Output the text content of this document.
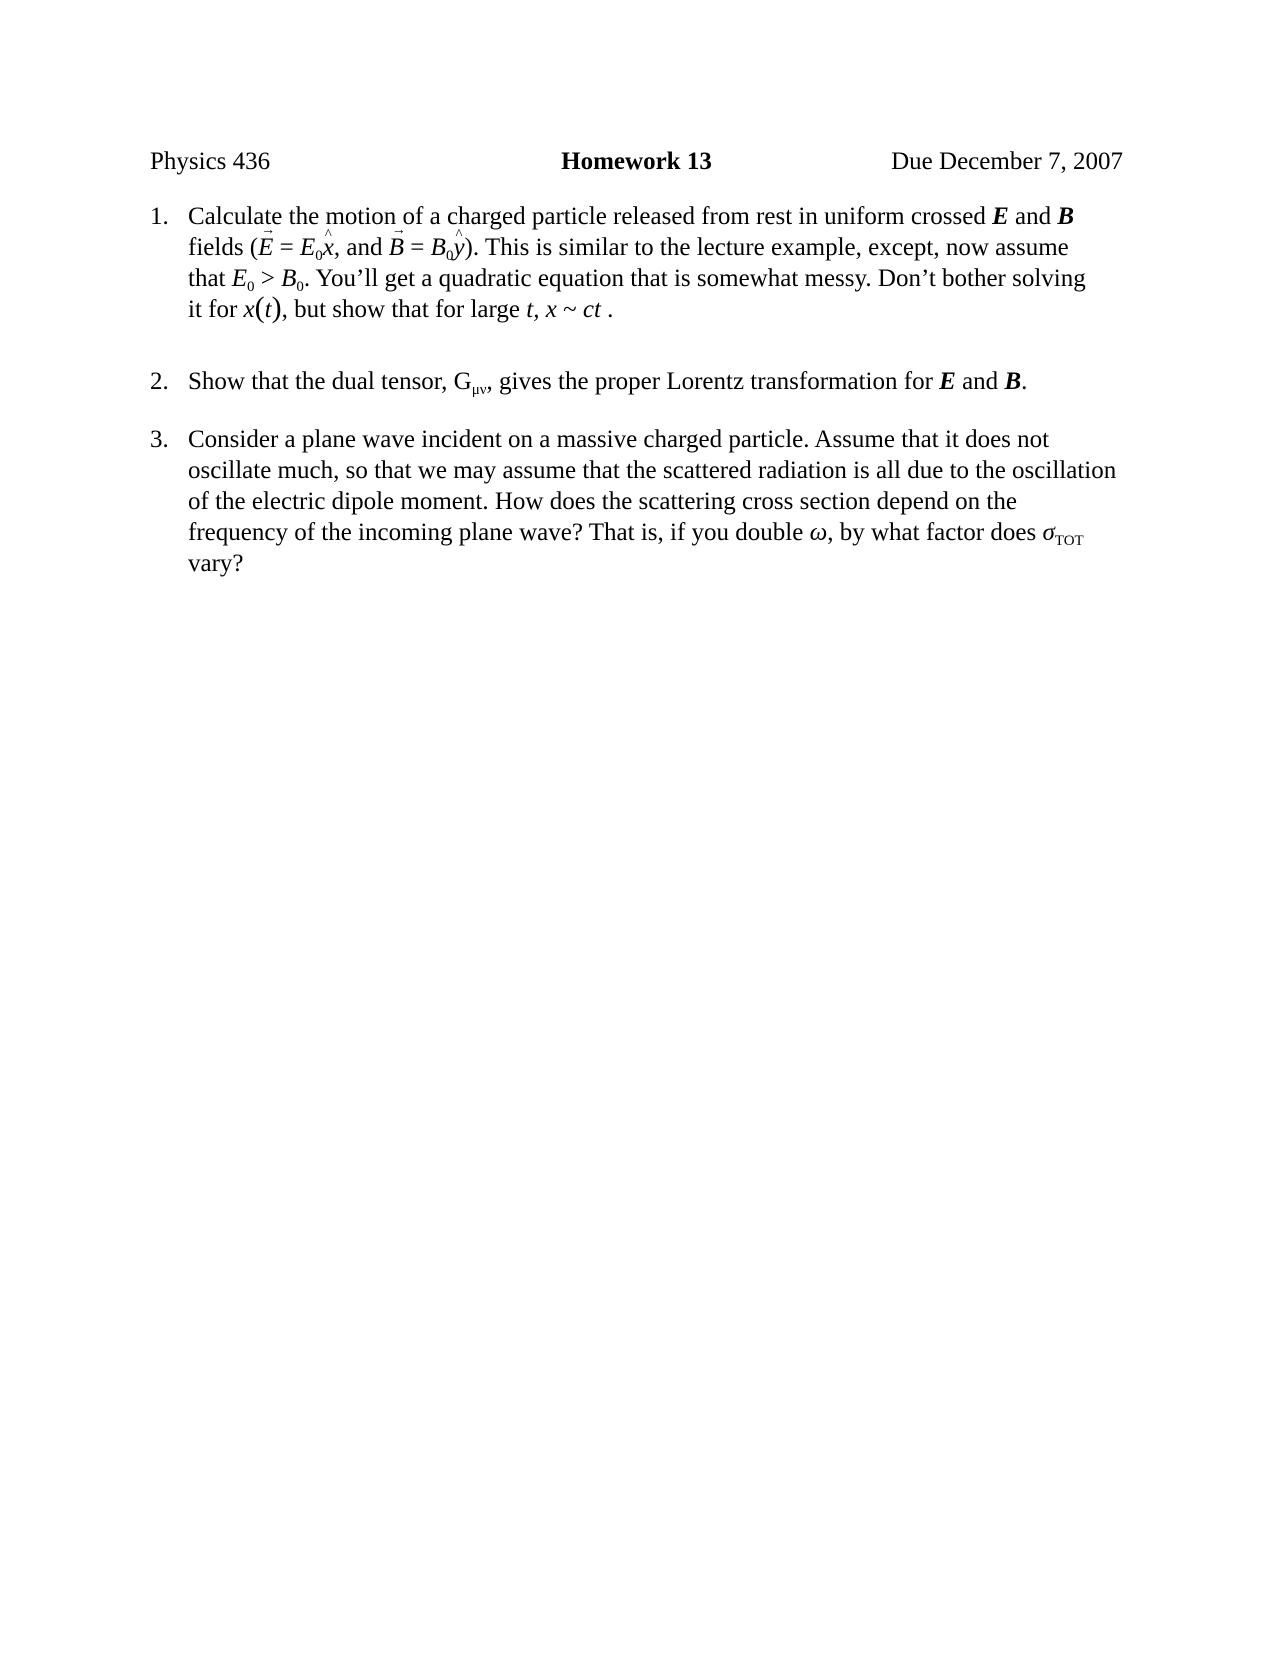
Physics 436	Homework 13	Due December 7, 2007
1. Calculate the motion of a charged particle released from rest in uniform crossed E and B
fields (→ $E = E_0\^{}$ x, and → $B = B_0\^{}$ y). This is similar to the lecture example, except, now assume
that $E_0 > B_0$. You’ll get a quadratic equation that is somewhat messy. Don’t bother solving
it for x(t), but show that for large t, x ~ ct .
2. Show that the dual tensor, $G_{\mu\nu}$, gives the proper Lorentz transformation for E and B.
3. Consider a plane wave incident on a massive charged particle. Assume that it does not
oscillate much, so that we may assume that the scattered radiation is all due to the oscillation
of the electric dipole moment. How does the scattering cross section depend on the
frequency of the incoming plane wave? That is, if you double ω, by what factor does $\sigma_{TOT}$
vary?
